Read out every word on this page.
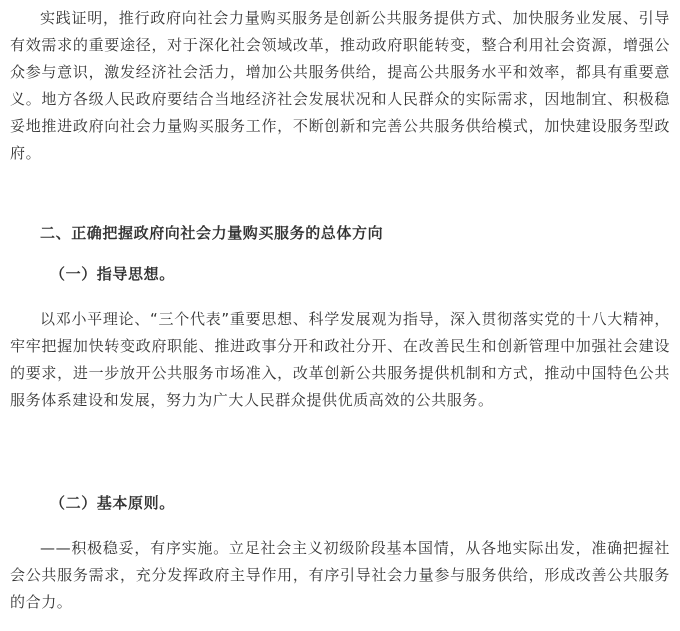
实践证明，推行政府向社会力量购买服务是创新公共服务提供方式、加快服务业发展、引导有效需求的重要途径，对于深化社会领域改革，推动政府职能转变，整合利用社会资源，增强公众参与意识，激发经济社会活力，增加公共服务供给，提高公共服务水平和效率，都具有重要意义。地方各级人民政府要结合当地经济社会发展状况和人民群众的实际需求，因地制宜、积极稳妥地推进政府向社会力量购买服务工作，不断创新和完善公共服务供给模式，加快建设服务型政府。

二、正确把握政府向社会力量购买服务的总体方向
（一）指导思想。

以邓小平理论、“三个代表”重要思想、科学发展观为指导，深入贯彻落实党的十八大精神，牢牢把握加快转变政府职能、推进政事分开和政社分开、在改善民生和创新管理中加强社会建设的要求，进一步放开公共服务市场准入，改革创新公共服务提供机制和方式，推动中国特色公共服务体系建设和发展，努力为广大人民群众提供优质高效的公共服务。

（二）基本原则。

——积极稳妥，有序实施。立足社会主义初级阶段基本国情，从各地实际出发，准确把握社会公共服务需求，充分发挥政府主导作用，有序引导社会力量参与服务供给，形成改善公共服务的合力。
